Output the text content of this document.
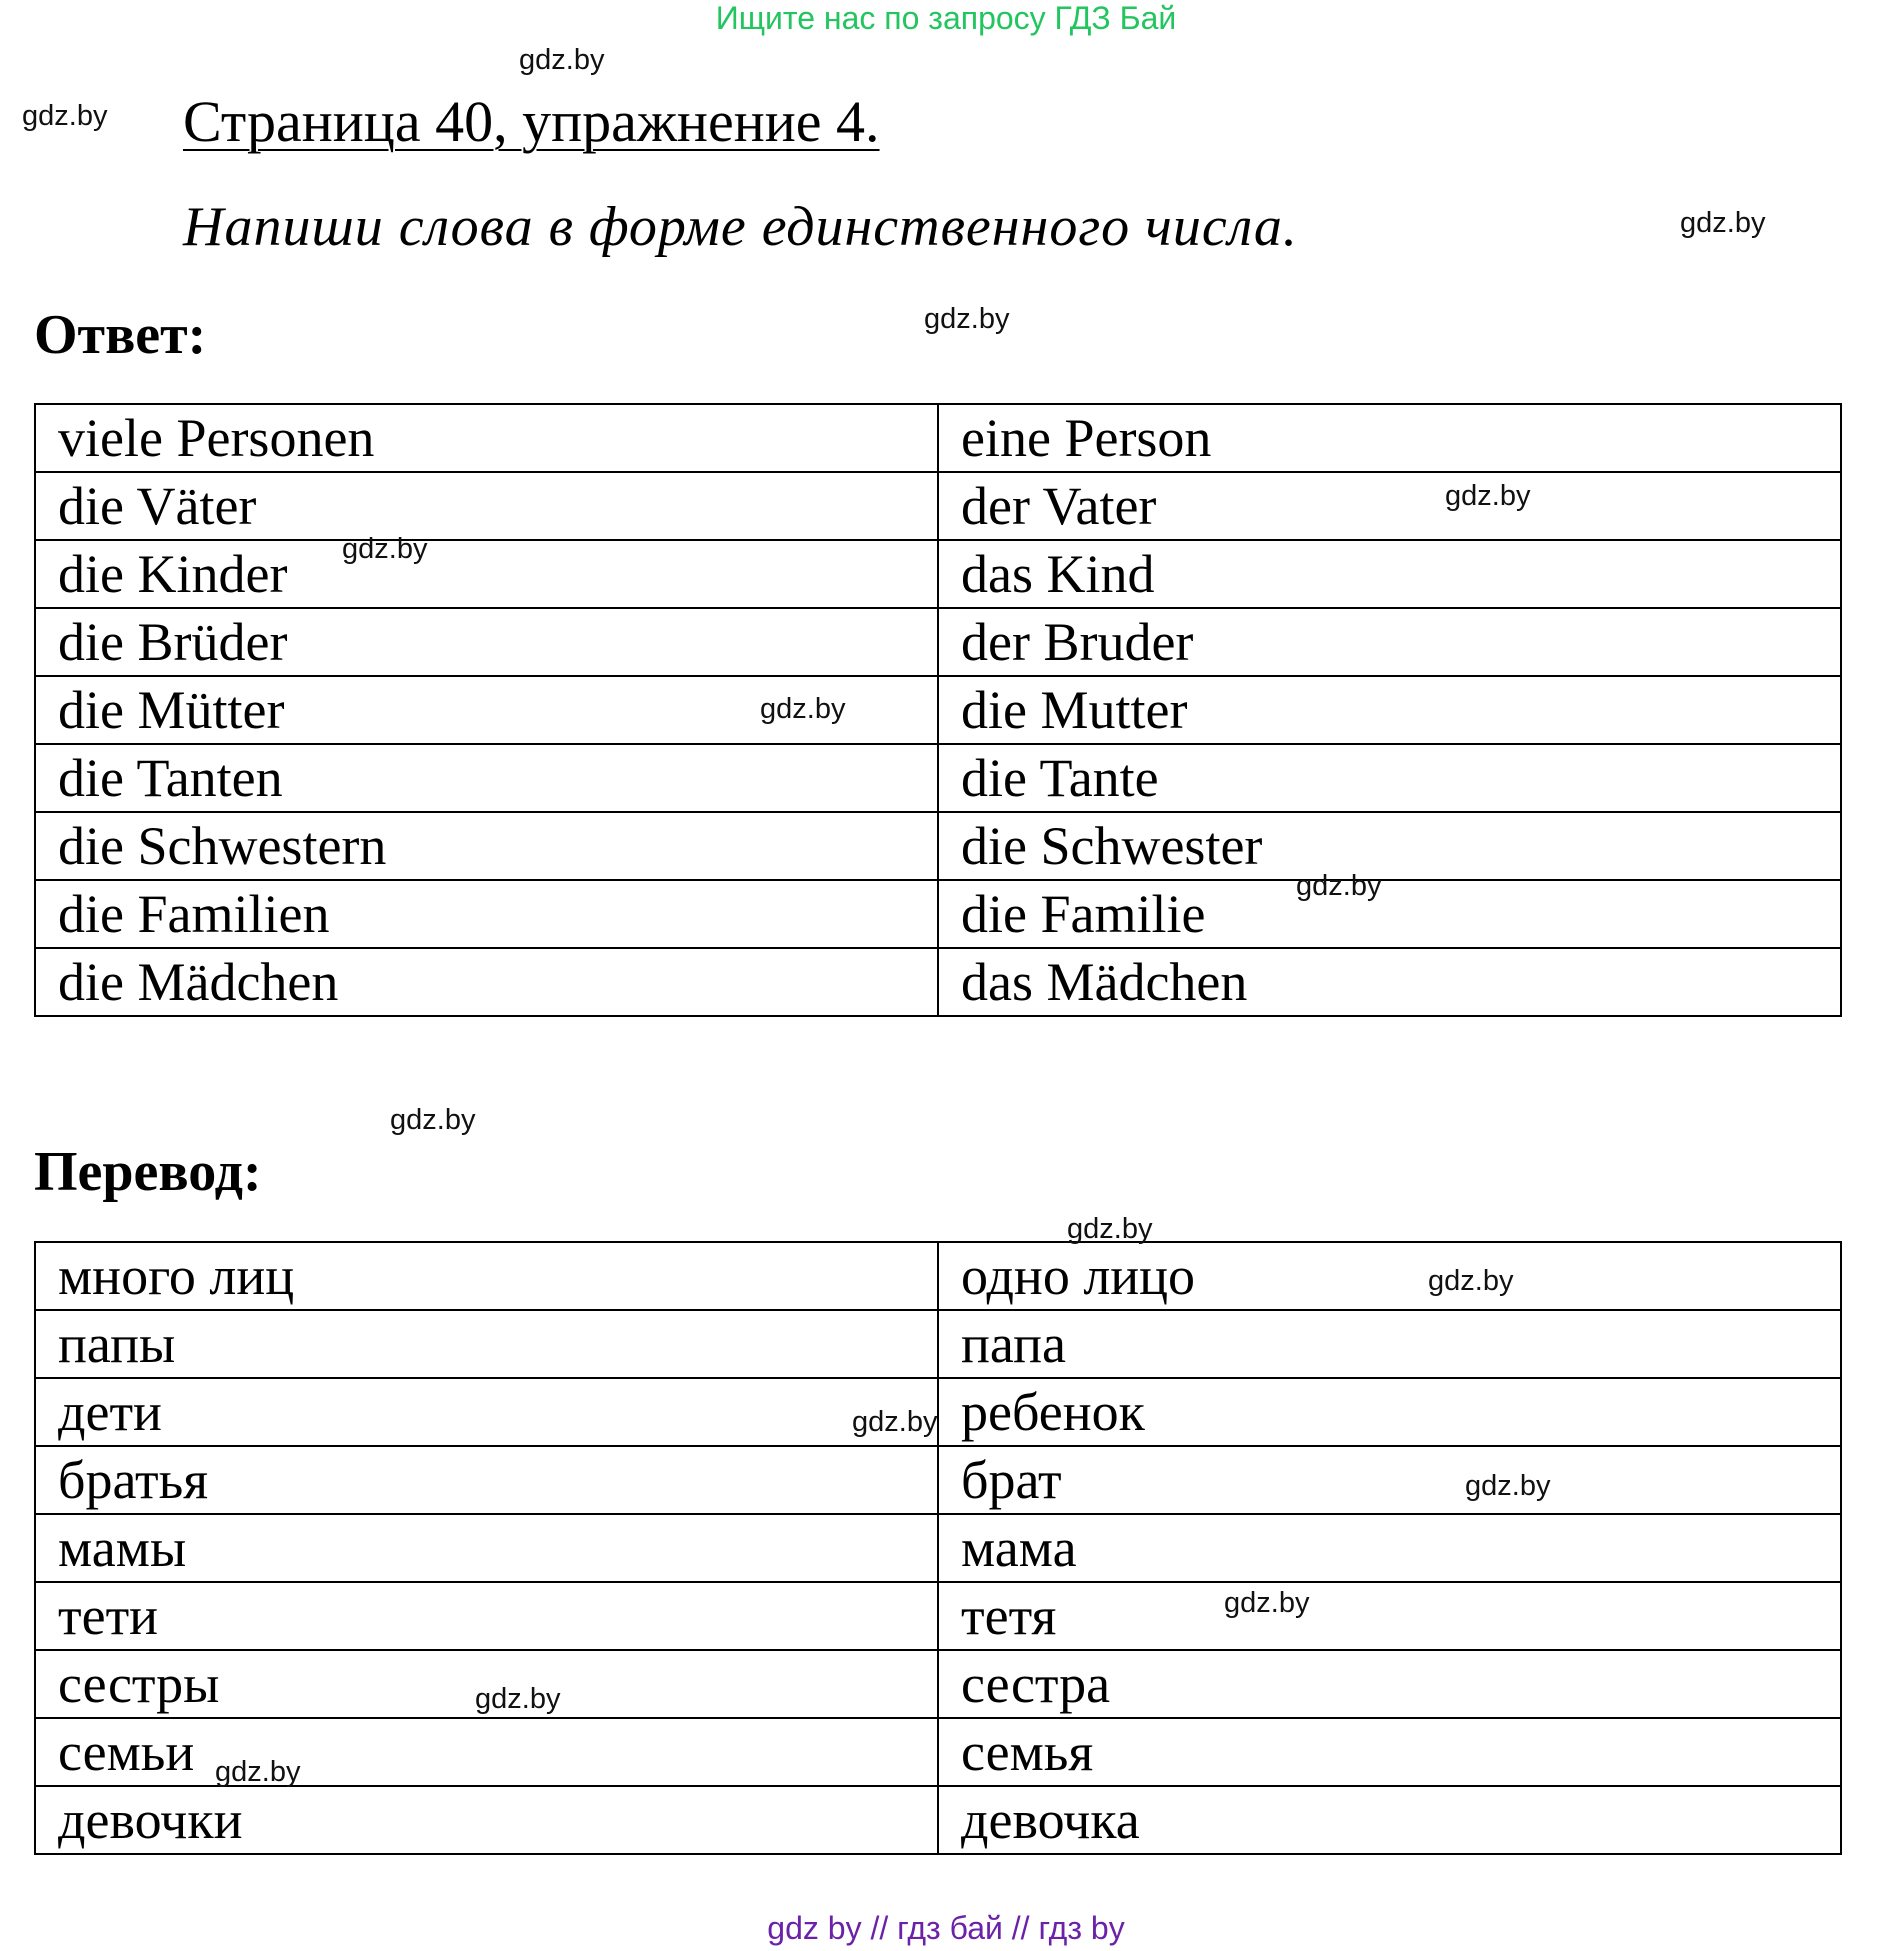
Ищите нас по запросу ГДЗ Бай
Страница 40, упражнение 4.
Напиши слова в форме единственного числа.
Ответ:
viele Personen	eine Person
die Väter	der Vater
die Kinder	das Kind
die Brüder	der Bruder
die Mütter	die Mutter
die Tanten	die Tante
die Schwestern	die Schwester
die Familien	die Familie
die Mädchen	das Mädchen
Перевод:
много лиц	одно лицо
папы	папа
дети	ребенок
братья	брат
мамы	мама
тети	тетя
сестры	сестра
семьи	семья
девочки	девочка
gdz.by
gdz.by
gdz.by
gdz.by
gdz.by
gdz.by
gdz.by
gdz.by
gdz.by
gdz.by
gdz.by
gdz.by
gdz.by
gdz.by
gdz.by
gdz.by
gdz by // гдз бай // гдз by
